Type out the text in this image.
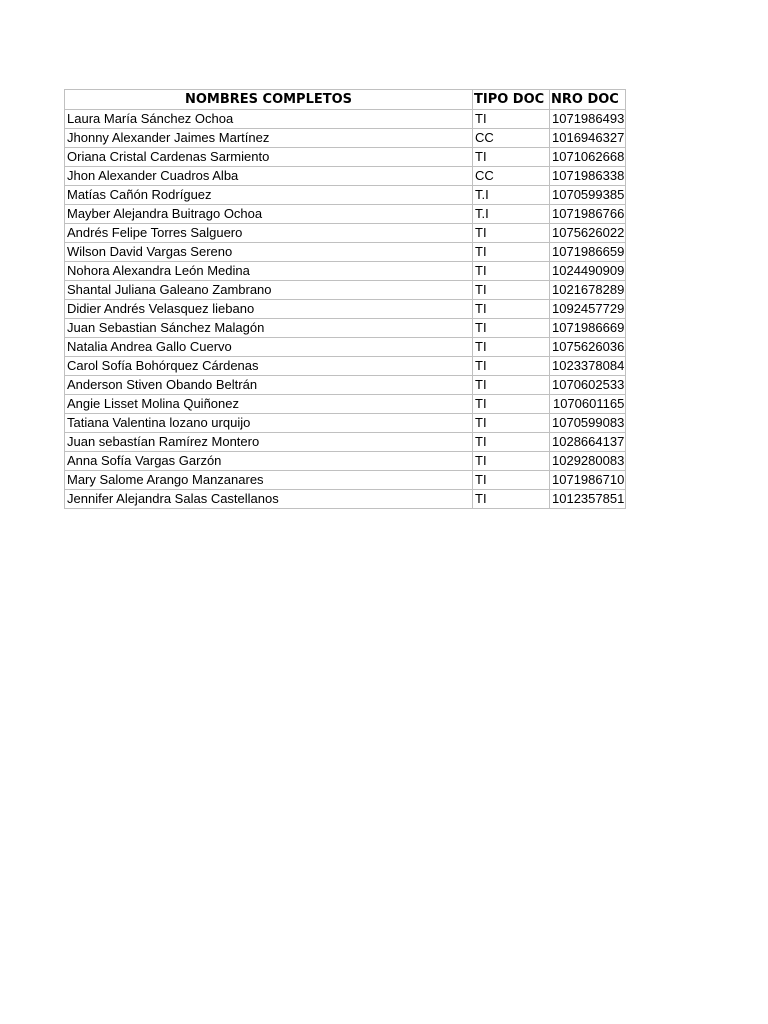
NOMBRES COMPLETOS	TIPO DOC	NRO DOC
Laura María Sánchez Ochoa	TI	1071986493
Jhonny Alexander Jaimes Martínez	CC	1016946327
Oriana Cristal Cardenas Sarmiento	TI	1071062668
Jhon Alexander Cuadros Alba	CC	1071986338
Matías Cañón Rodríguez	T.I	1070599385
Mayber Alejandra Buitrago Ochoa	T.I	1071986766
Andrés Felipe Torres Salguero	TI	1075626022
Wilson David Vargas Sereno	TI	1071986659
Nohora Alexandra León Medina	TI	1024490909
Shantal Juliana Galeano Zambrano	TI	1021678289
Didier Andrés Velasquez liebano	TI	1092457729
Juan Sebastian Sánchez Malagón	TI	1071986669
Natalia Andrea Gallo Cuervo	TI	1075626036
Carol Sofía Bohórquez Cárdenas	TI	1023378084
Anderson Stiven Obando Beltrán	TI	1070602533
Angie Lisset Molina Quiñonez	TI	1070601165
Tatiana Valentina lozano urquijo	TI	1070599083
Juan sebastían Ramírez Montero	TI	1028664137
Anna Sofía Vargas Garzón	TI	1029280083
Mary Salome Arango Manzanares	TI	1071986710
Jennifer Alejandra Salas Castellanos	TI	1012357851
